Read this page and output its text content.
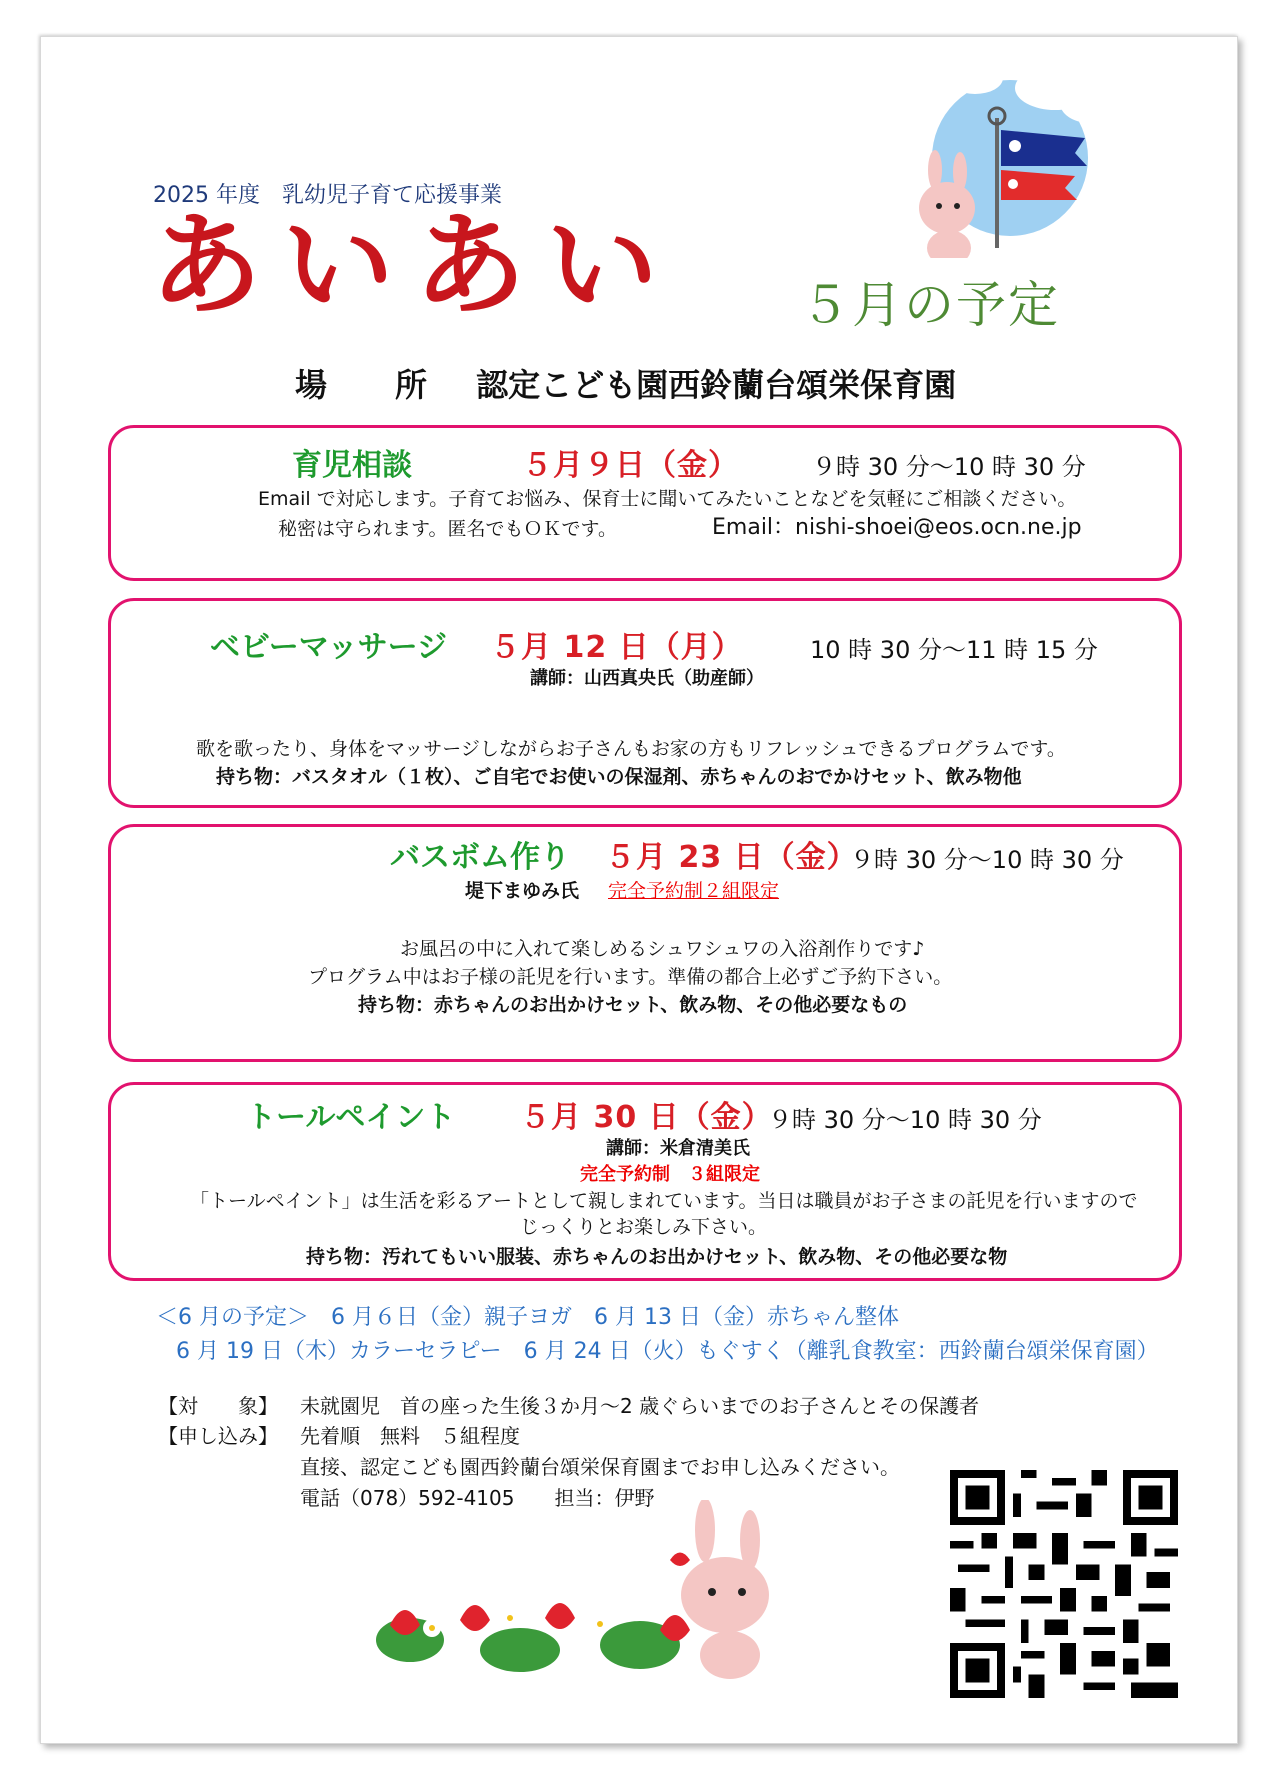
2025 年度　乳幼児子育て応援事業
あいあい ５月の予定
場　所 認定こども園西鈴蘭台頌栄保育園
育児相談	５月９日（金）	９時 30 分～10 時 30 分
Email で対応します。子育てお悩み、保育士に聞いてみたいことなどを気軽にご相談ください。
秘密は守られます。匿名でもＯＫです。	Email：nishi-shoei@eos.ocn.ne.jp
ベビーマッサージ ５月 12 日（月）	10 時 30 分～11 時 15 分
講師：山西真央氏（助産師）
歌を歌ったり、身体をマッサージしながらお子さんもお家の方もリフレッシュできるプログラムです。
持ち物：バスタオル（１枚）、ご自宅でお使いの保湿剤、赤ちゃんのおでかけセット、飲み物他
バスボム作り ５月 23 日（金）
９時 30 分～10 時 30 分
堤下まゆみ氏 完全予約制２組限定
お風呂の中に入れて楽しめるシュワシュワの入浴剤作りです♪
プログラム中はお子様の託児を行います。準備の都合上必ずご予約下さい。
持ち物：赤ちゃんのお出かけセット、飲み物、その他必要なもの
トールペイント ５月 30 日（金）
９時 30 分～10 時 30 分
講師：米倉清美氏
完全予約制　３組限定
「トールペイント」は生活を彩るアートとして親しまれています。当日は職員がお子さまの託児を行いますので
じっくりとお楽しみ下さい。
持ち物：汚れてもいい服装、赤ちゃんのお出かけセット、飲み物、その他必要な物
＜6 月の予定＞　6 月６日（金）親子ヨガ　6 月 13 日（金）赤ちゃん整体
6 月 19 日（木）カラーセラピー　6 月 24 日（火）もぐすく（離乳食教室：西鈴蘭台頌栄保育園）
【対　　象】 未就園児　首の座った生後３か月～2 歳ぐらいまでのお子さんとその保護者
【申し込み】 先着順　無料　５組程度
直接、認定こども園西鈴蘭台頌栄保育園までお申し込みください。
電話（078）592-4105　　担当：伊野
